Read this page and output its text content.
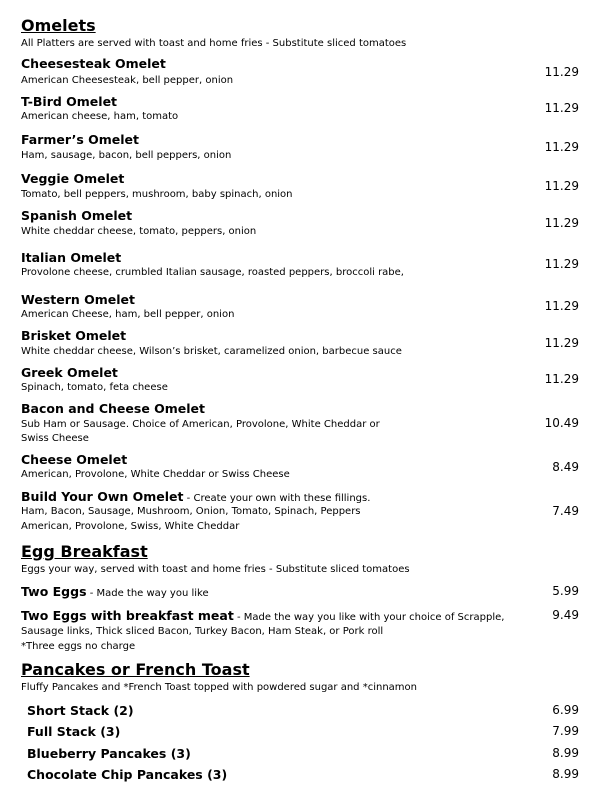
Omelets
All Platters are served with toast and home fries - Substitute sliced tomatoes
Cheesesteak Omelet
American Cheesesteak, bell pepper, onion
11.29
T-Bird Omelet
American cheese, ham, tomato
11.29
Farmer’s Omelet
Ham, sausage, bacon, bell peppers, onion
11.29
Veggie Omelet
Tomato, bell peppers, mushroom, baby spinach, onion
11.29
Spanish Omelet
White cheddar cheese, tomato, peppers, onion
11.29
Italian Omelet
Provolone cheese, crumbled Italian sausage, roasted peppers, broccoli rabe,
11.29
Western Omelet
American Cheese, ham, bell pepper, onion
11.29
Brisket Omelet
White cheddar cheese, Wilson’s brisket, caramelized onion, barbecue sauce
11.29
Greek Omelet
Spinach, tomato, feta cheese
11.29
Bacon and Cheese Omelet
Sub Ham or Sausage. Choice of American, Provolone, White Cheddar or
Swiss Cheese
10.49
Cheese Omelet
American, Provolone, White Cheddar or Swiss Cheese
8.49
Build Your Own Omelet - Create your own with these fillings.
Ham, Bacon, Sausage, Mushroom, Onion, Tomato, Spinach, Peppers
American, Provolone, Swiss, White Cheddar
7.49
Egg Breakfast
Eggs your way, served with toast and home fries - Substitute sliced tomatoes
Two Eggs - Made the way you like	5.99
Two Eggs with breakfast meat - Made the way you like with your choice of Scrapple,
Sausage links, Thick sliced Bacon, Turkey Bacon, Ham Steak, or Pork roll
*Three eggs no charge
9.49
Pancakes or French Toast
Fluffy Pancakes and *French Toast topped with powdered sugar and *cinnamon
Short Stack (2)	6.99
Full Stack (3)	7.99
Blueberry Pancakes (3)	8.99
Chocolate Chip Pancakes (3)	8.99
